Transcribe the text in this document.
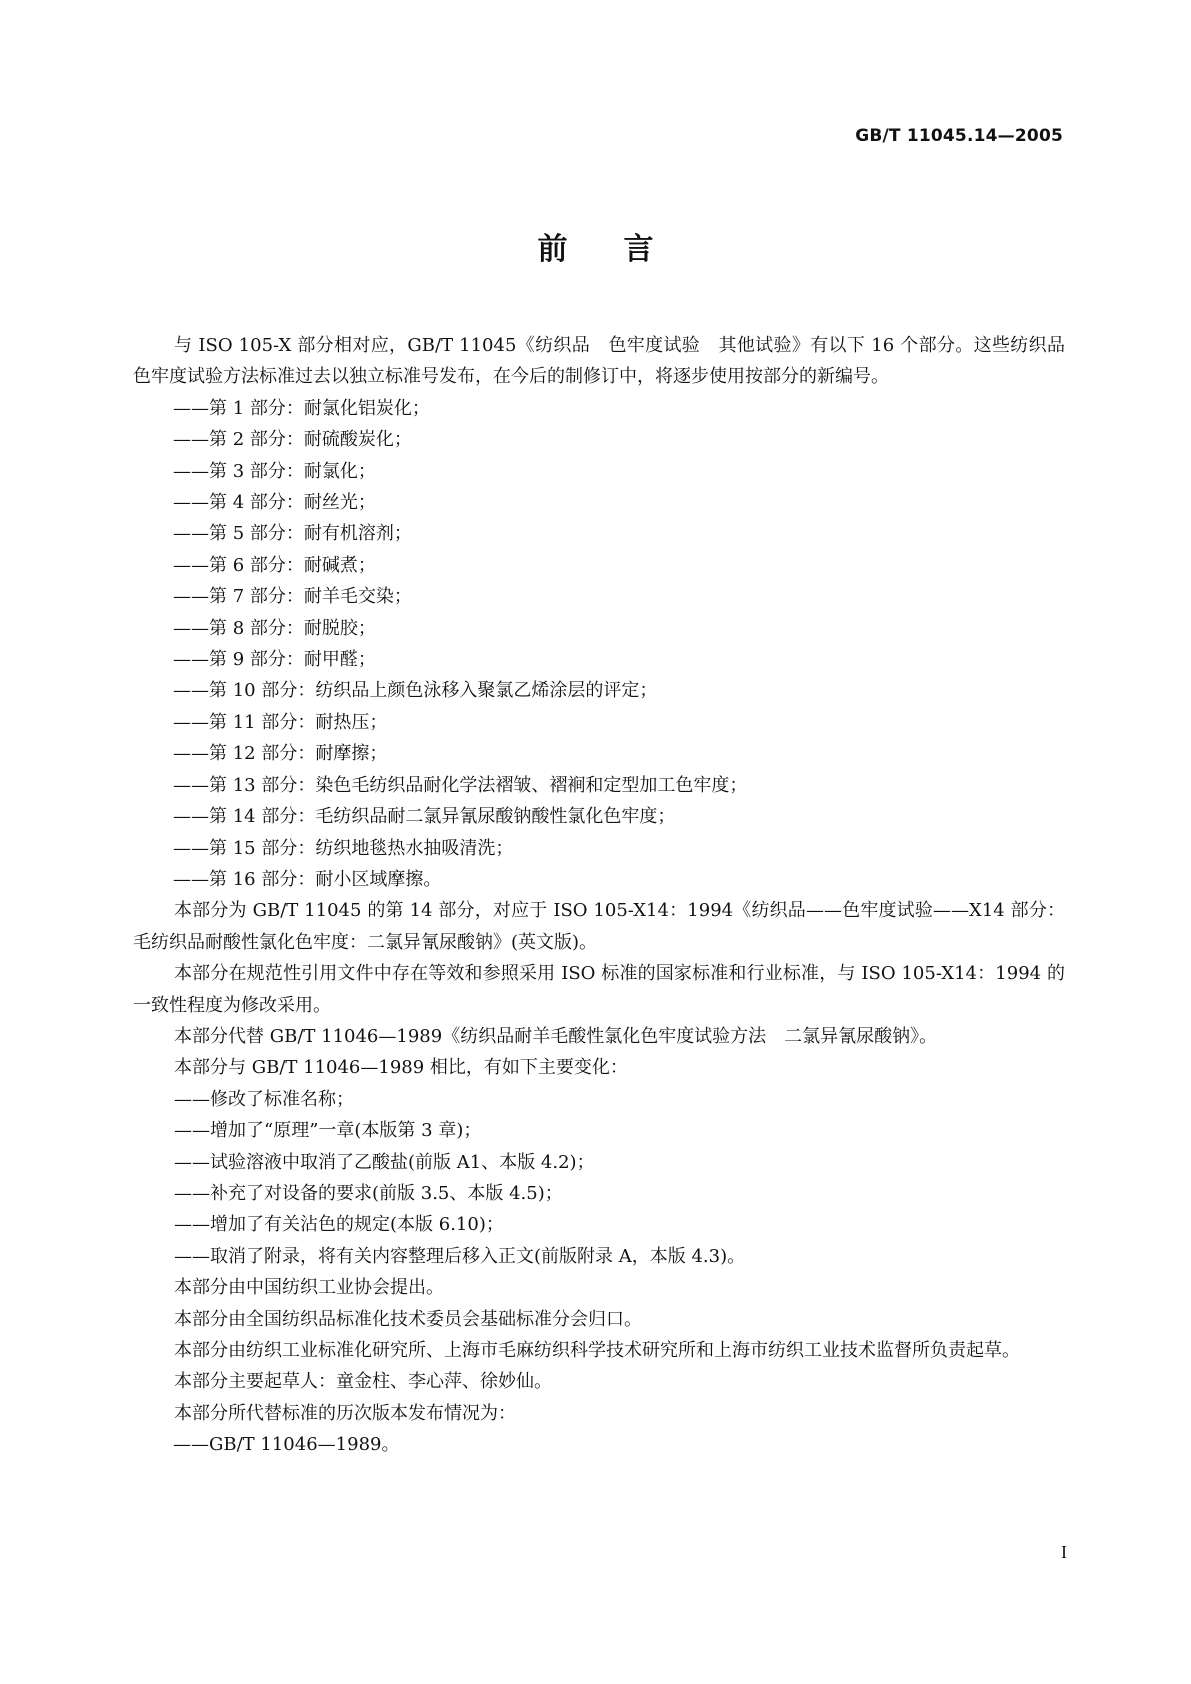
GB/T 11045.14—2005
前言

与 ISO 105-X 部分相对应，GB/T 11045《纺织品　色牢度试验　其他试验》有以下 16 个部分。这些纺织品色牢度试验方法标准过去以独立标准号发布，在今后的制修订中，将逐步使用按部分的新编号。

——第 1 部分：耐氯化铝炭化；

——第 2 部分：耐硫酸炭化；

——第 3 部分：耐氯化；

——第 4 部分：耐丝光；

——第 5 部分：耐有机溶剂；

——第 6 部分：耐碱煮；

——第 7 部分：耐羊毛交染；

——第 8 部分：耐脱胶；

——第 9 部分：耐甲醛；

——第 10 部分：纺织品上颜色泳移入聚氯乙烯涂层的评定；

——第 11 部分：耐热压；

——第 12 部分：耐摩擦；

——第 13 部分：染色毛纺织品耐化学法褶皱、褶裥和定型加工色牢度；

——第 14 部分：毛纺织品耐二氯异氰尿酸钠酸性氯化色牢度；

——第 15 部分：纺织地毯热水抽吸清洗；

——第 16 部分：耐小区域摩擦。

本部分为 GB/T 11045 的第 14 部分，对应于 ISO 105-X14：1994《纺织品——色牢度试验——X14 部分：毛纺织品耐酸性氯化色牢度：二氯异氰尿酸钠》(英文版)。

本部分在规范性引用文件中存在等效和参照采用 ISO 标准的国家标准和行业标准，与 ISO 105-X14：1994 的一致性程度为修改采用。

本部分代替 GB/T 11046—1989《纺织品耐羊毛酸性氯化色牢度试验方法　二氯异氰尿酸钠》。

本部分与 GB/T 11046—1989 相比，有如下主要变化：

——修改了标准名称；

——增加了“原理”一章(本版第 3 章)；

——试验溶液中取消了乙酸盐(前版 A1、本版 4.2)；

——补充了对设备的要求(前版 3.5、本版 4.5)；

——增加了有关沾色的规定(本版 6.10)；

——取消了附录，将有关内容整理后移入正文(前版附录 A，本版 4.3)。

本部分由中国纺织工业协会提出。

本部分由全国纺织品标准化技术委员会基础标准分会归口。

本部分由纺织工业标准化研究所、上海市毛麻纺织科学技术研究所和上海市纺织工业技术监督所负责起草。

本部分主要起草人：童金柱、李心萍、徐妙仙。

本部分所代替标准的历次版本发布情况为：

——GB/T 11046—1989。

I
